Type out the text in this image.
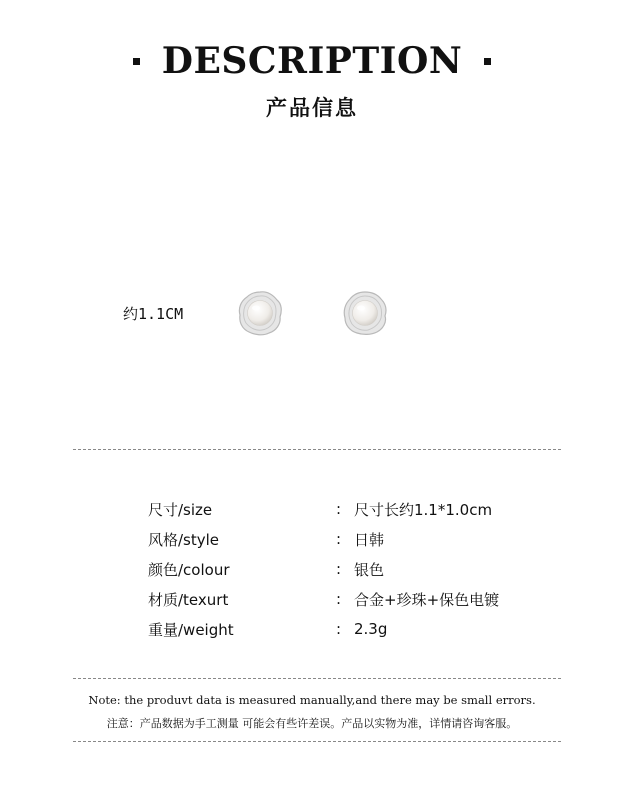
DESCRIPTION
产品信息
约1.1CM
尺寸/size	: 尺寸长约1.1*1.0cm
风格/style	: 日韩
颜色/colour	: 银色
材质/texurt	: 合金+珍珠+保色电镀
重量/weight	: 2.3g
Note: the produvt data is measured manually,and there may be small errors.
注意：产品数据为手工测量 可能会有些许差误。产品以实物为准，详情请咨询客服。
